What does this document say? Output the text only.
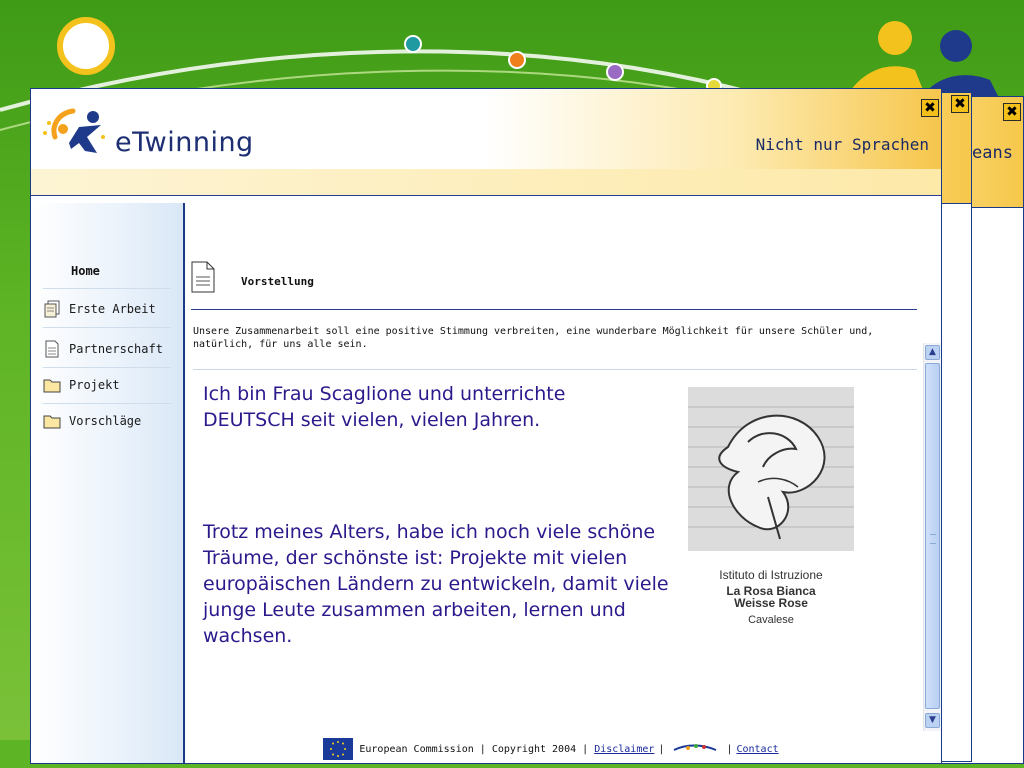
eans
✖
✖
eTwinning	Nicht nur Sprachen
✖
Home
Erste Arbeit
Partnerschaft
Projekt
Vorschläge
Vorstellung
Unsere Zusammenarbeit soll eine positive Stimmung verbreiten, eine wunderbare Möglichkeit für unsere Schüler und, natürlich, für uns alle sein.
Ich bin Frau Scaglione und unterrichte DEUTSCH seit vielen, vielen Jahren.
Trotz meines Alters, habe ich noch viele schöne Träume, der schönste ist: Projekte mit vielen europäischen Ländern zu entwickeln, damit viele junge Leute zusammen arbeiten, lernen und wachsen.
Istituto di Istruzione
La Rosa Bianca
Weisse Rose
Cavalese
▲
▼
European Commission | Copyright 2004 |
Disclaimer |	| Contact
